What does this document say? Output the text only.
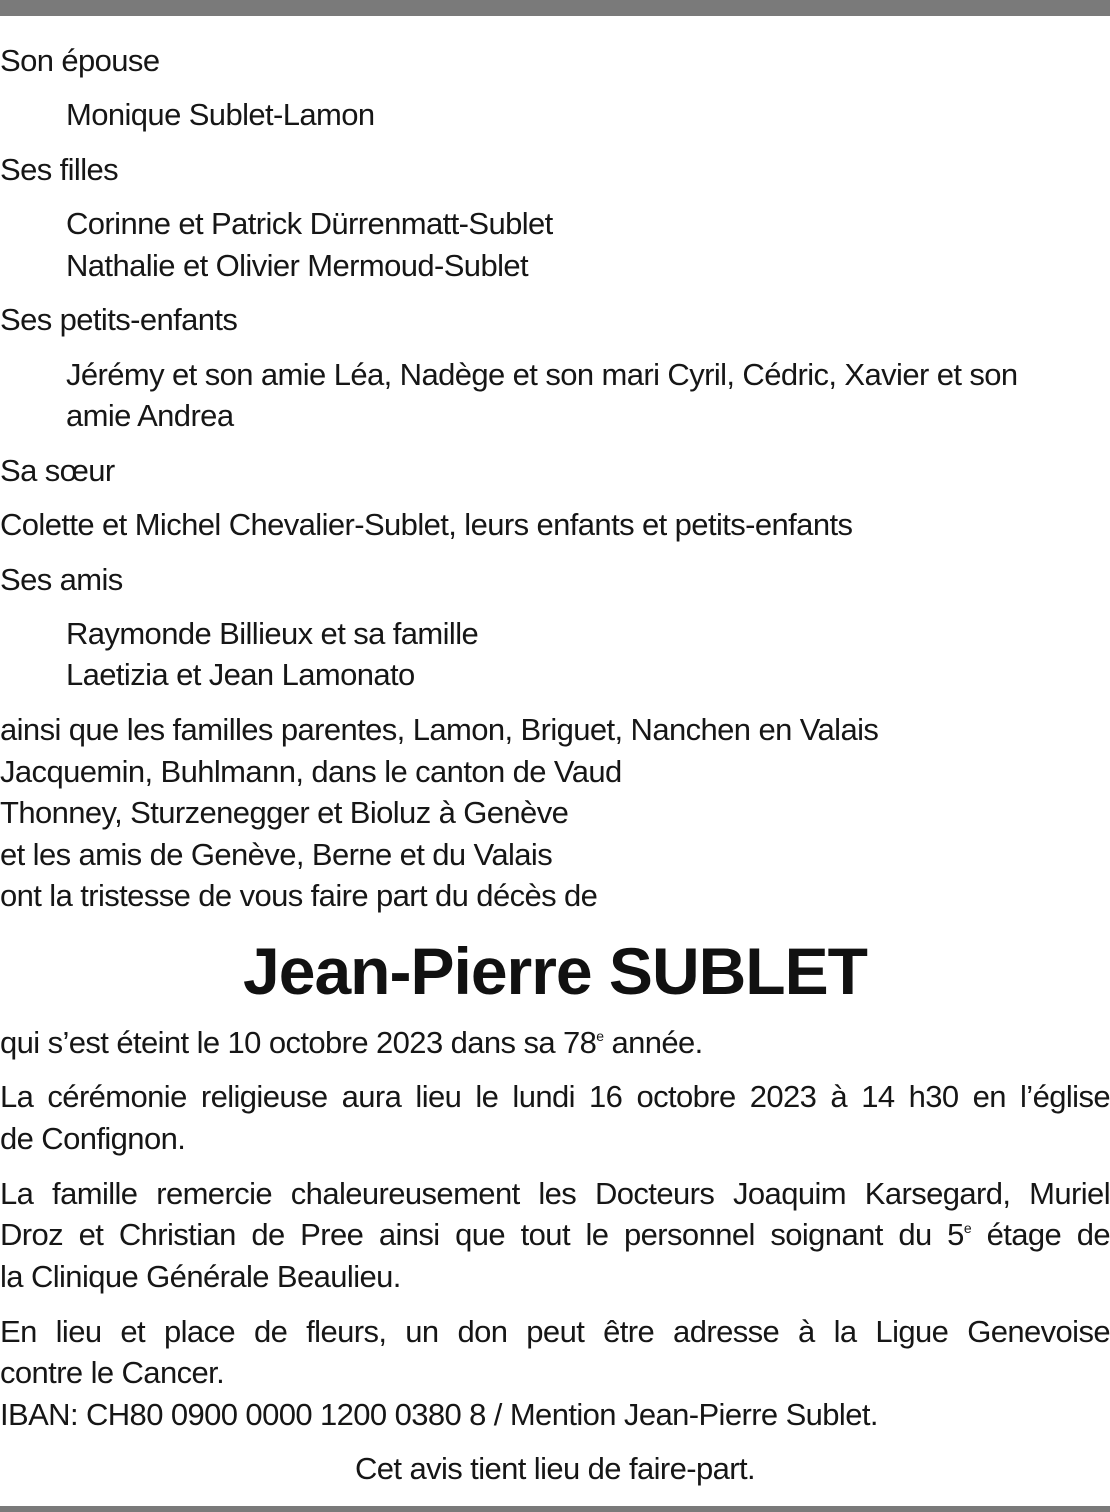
Son épouse
Monique Sublet-Lamon
Ses filles
Corinne et Patrick Dürrenmatt-Sublet
Nathalie et Olivier Mermoud-Sublet
Ses petits-enfants
Jérémy et son amie Léa, Nadège et son mari Cyril, Cédric, Xavier et son
amie Andrea
Sa sœur
Colette et Michel Chevalier-Sublet, leurs enfants et petits-enfants
Ses amis
Raymonde Billieux et sa famille
Laetizia et Jean Lamonato
ainsi que les familles parentes, Lamon, Briguet, Nanchen en Valais
Jacquemin, Buhlmann, dans le canton de Vaud
Thonney, Sturzenegger et Bioluz à Genève
et les amis de Genève, Berne et du Valais
ont la tristesse de vous faire part du décès de
Jean-Pierre SUBLET
qui s’est éteint le 10 octobre 2023 dans sa 78e année.
La cérémonie religieuse aura lieu le lundi 16 octobre 2023 à 14 h30 en l’église
de Confignon.
La famille remercie chaleureusement les Docteurs Joaquim Karsegard, Muriel
Droz et Christian de Pree ainsi que tout le personnel soignant du 5e étage de
la Clinique Générale Beaulieu.
En lieu et place de fleurs, un don peut être adresse à la Ligue Genevoise
contre le Cancer.
IBAN: CH80 0900 0000 1200 0380 8 / Mention Jean-Pierre Sublet.
Cet avis tient lieu de faire-part.
